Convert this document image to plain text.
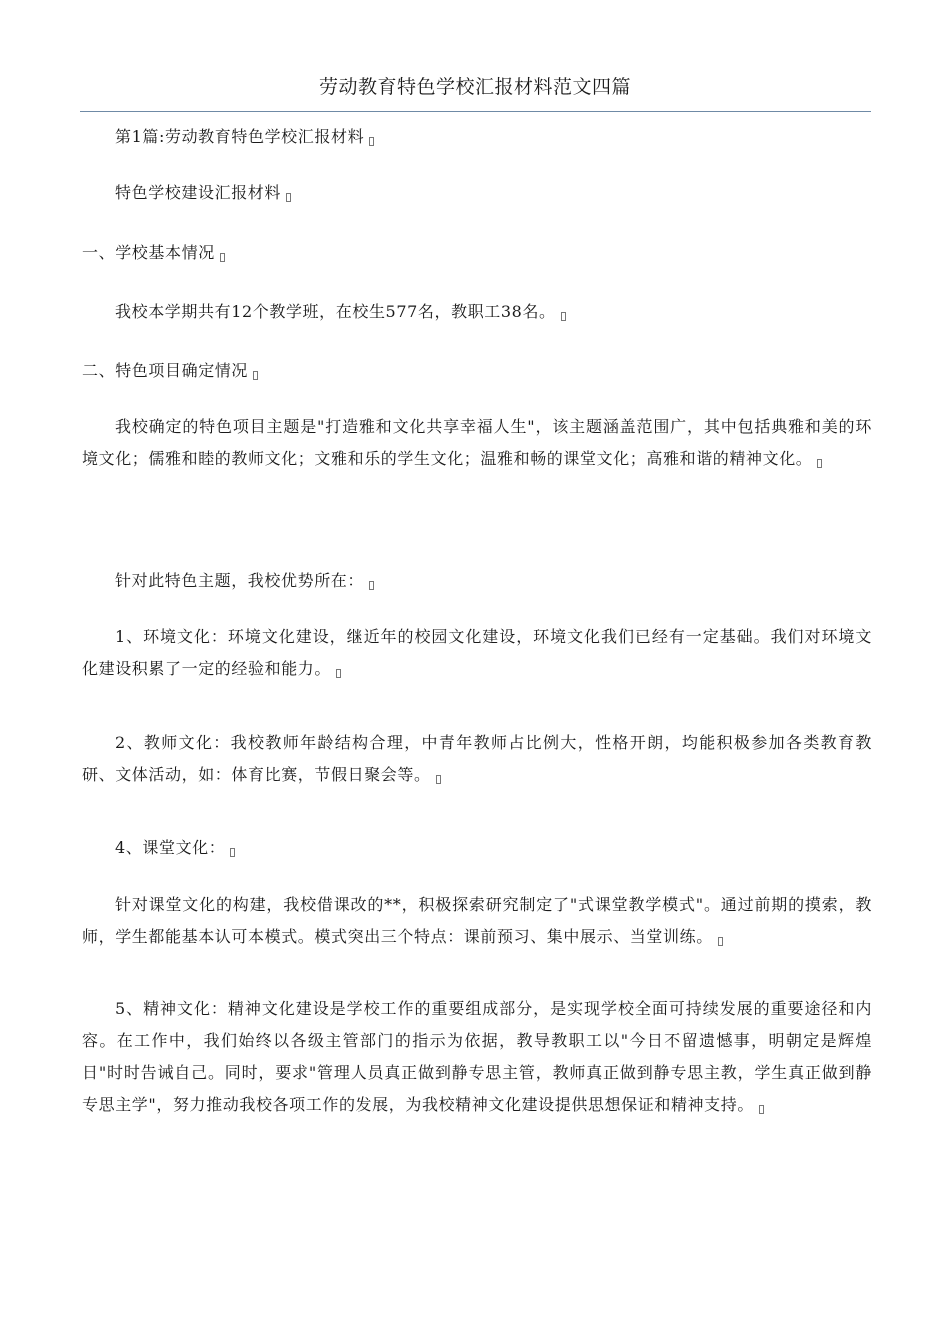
劳动教育特色学校汇报材料范文四篇

第1篇:劳动教育特色学校汇报材料

特色学校建设汇报材料

一、学校基本情况

我校本学期共有12个教学班，在校生577名，教职工38名。

二、特色项目确定情况

我校确定的特色项目主题是"打造雅和文化共享幸福人生"，该主题涵盖范围广，其中包括典雅和美的环境文化；儒雅和睦的教师文化；文雅和乐的学生文化；温雅和畅的课堂文化；高雅和谐的精神文化。

针对此特色主题，我校优势所在：

1、环境文化：环境文化建设，继近年的校园文化建设，环境文化我们已经有一定基础。我们对环境文化建设积累了一定的经验和能力。

2、教师文化：我校教师年龄结构合理，中青年教师占比例大，性格开朗，均能积极参加各类教育教研、文体活动，如：体育比赛，节假日聚会等。

4、课堂文化：

针对课堂文化的构建，我校借课改的**，积极探索研究制定了"式课堂教学模式"。通过前期的摸索，教师，学生都能基本认可本模式。模式突出三个特点：课前预习、集中展示、当堂训练。

5、精神文化：精神文化建设是学校工作的重要组成部分，是实现学校全面可持续发展的重要途径和内容。在工作中，我们始终以各级主管部门的指示为依据，教导教职工以"今日不留遗憾事，明朝定是辉煌日"时时告诫自己。同时，要求"管理人员真正做到静专思主管，教师真正做到静专思主教，学生真正做到静专思主学"，努力推动我校各项工作的发展，为我校精神文化建设提供思想保证和精神支持。
